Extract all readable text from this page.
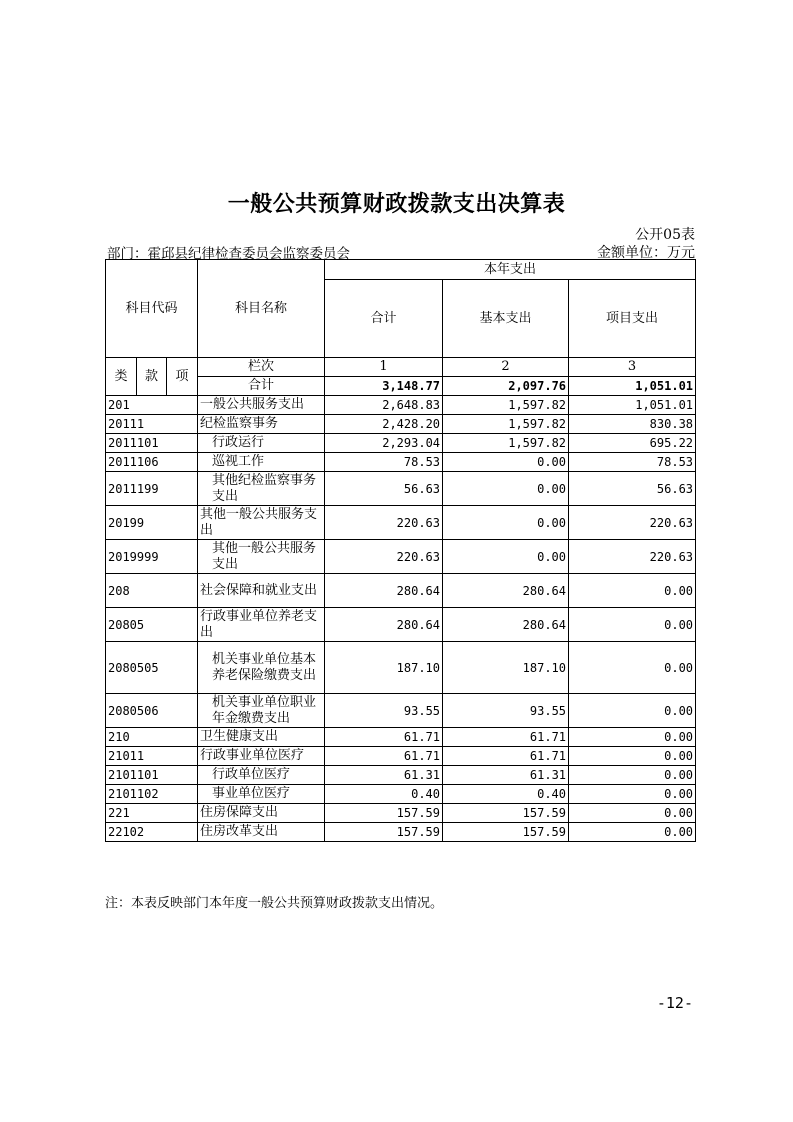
一般公共预算财政拨款支出决算表
公开05表
部门：霍邱县纪律检查委员会监察委员会	金额单位：万元
科目代码			科目名称	本年支出		
				合计	基本支出	项目支出
类	款	项	栏次	1	2	3
			合计	3,148.77	2,097.76	1,051.01
201			一般公共服务支出	2,648.83	1,597.82	1,051.01
20111			纪检监察事务	2,428.20	1,597.82	830.38
2011101			行政运行	2,293.04	1,597.82	695.22
2011106			巡视工作	78.53	0.00	78.53
2011199			其他纪检监察事务支出	56.63	0.00	56.63
20199			其他一般公共服务支出	220.63	0.00	220.63
2019999			其他一般公共服务支出	220.63	0.00	220.63
208			社会保障和就业支出	280.64	280.64	0.00
20805			行政事业单位养老支出	280.64	280.64	0.00
2080505			机关事业单位基本养老保险缴费支出	187.10	187.10	0.00
2080506			机关事业单位职业年金缴费支出	93.55	93.55	0.00
210			卫生健康支出	61.71	61.71	0.00
21011			行政事业单位医疗	61.71	61.71	0.00
2101101			行政单位医疗	61.31	61.31	0.00
2101102			事业单位医疗	0.40	0.40	0.00
221			住房保障支出	157.59	157.59	0.00
22102			住房改革支出	157.59	157.59	0.00
注：本表反映部门本年度一般公共预算财政拨款支出情况。
-12-
